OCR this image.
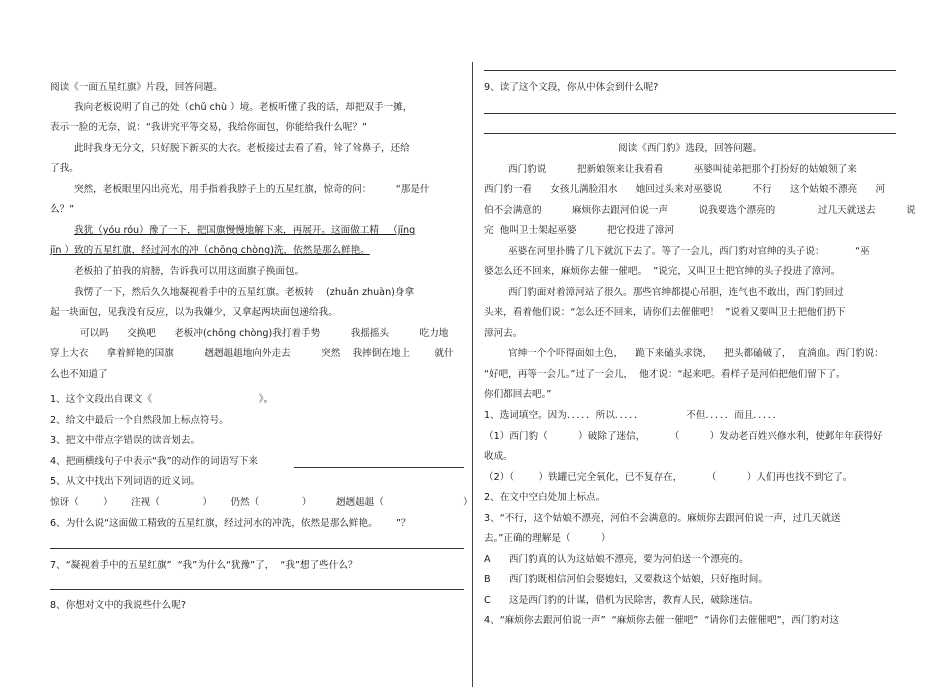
阅读《一面五星红旗》片段，回答问题。
我向老板说明了自己的处（chǔ chù ）境。老板听懂了我的话，却把双手一摊，
表示一脸的无奈，说：“我讲究平等交易，我给你面包，你能给我什么呢？”
此时我身无分文，只好脱下新买的大衣。老板接过去看了看，耸了耸鼻子，还给
了我。
突然，老板眼里闪出亮光，用手指着我脖子上的五星红旗，惊奇的问：        “那是什
么？”
我犹（yóu róu）豫了一下，把国旗慢慢地解下来，再展开。这面做工精   （jīng
jīn ）致的五星红旗，经过河水的冲（chōng chòng)洗，依然是那么鲜艳。
老板拍了拍我的肩膀，告诉我可以用这面旗子换面包。
我愣了一下，然后久久地凝视着手中的五星红旗。老板转    (zhuǎn zhuàn)身拿
起一块面包，见我没有反应，以为我嫌少，又拿起两块面包递给我。
可以吗      交换吧      老板冲(chōng chòng)我打着手势          我摇摇头          吃力地
穿上大衣      拿着鲜艳的国旗          趔趔趄趄地向外走去          突然    我摔倒在地上        就什
么也不知道了
1、这个文段出自课文《                                   》。
2、给文中最后一个自然段加上标点符号。
3、把文中带点字错误的读音划去。
4、把画横线句子中表示“我”的动作的词语写下来
5、从文中找出下列词语的近义词。
惊讶（        ）      注视（              ）      仍然（              ）        趔趔趄趄（                          ）
6、为什么说“这面做工精致的五星红旗，经过河水的冲洗，依然是那么鲜艳。      ”？
7、“凝视着手中的五星红旗”  “我”为什么“犹豫”了，  “我”想了些什么？
8、你想对文中的我说些什么呢?
9、读了这个文段，你从中体会到什么呢?
阅读《西门豹》选段，回答问题。
西门豹说          把新娘领来让我看看          巫婆叫徒弟把那个打扮好的姑娘领了来
西门豹一看      女孩儿满脸泪水      她回过头来对巫婆说          不行      这个姑娘不漂亮      河
伯不会满意的          麻烦你去跟河伯说一声          说我要选个漂亮的              过几天就送去          说
完  他叫卫士架起巫婆          把它投进了漳河
巫婆在河里扑腾了几下就沉下去了。等了一会儿，西门豹对官绅的头子说：          “巫
婆怎么还不回来，麻烦你去催一催吧。  ”说完，又叫卫士把官绅的头子投进了漳河。
西门豹面对着漳河站了很久。那些官绅都提心吊胆，连气也不敢出，西门豹回过
头来，看着他们说：“怎么还不回来，请你们去催催吧！  ”说着又要叫卫士把他们扔下
漳河去。
官绅一个个吓得面如土色，    跪下来磕头求饶，    把头都磕破了，  直淌血。西门豹说：
“好吧，再等一会儿。”过了一会儿，  他才说：“起来吧。看样子是河伯把他们留下了。
你们都回去吧。”
1、选词填空。因为．．．．．所以．．．．．              不但．．．．．而且．．．．．
（1）西门豹（          ）破除了迷信，        （          ）发动老百姓兴修水利，使邺年年获得好
收成。
（2）（        ）铁罐已完全氧化，已不复存在，        （          ）人们再也找不到它了。
2、在文中空白处加上标点。
3、“不行，这个姑娘不漂亮，河伯不会满意的。麻烦你去跟河伯说一声，过几天就送
去。”正确的理解是（          ）
A      西门豹真的认为这姑娘不漂亮，要为河伯送一个漂亮的。
B      西门豹既相信河伯会娶媳妇，又要救这个姑娘，只好拖时间。
C      这是西门豹的计谋，借机为民除害，教育人民，破除迷信。
4、“麻烦你去跟河伯说一声”  “麻烦你去催一催吧”  “请你们去催催吧”，西门豹对这
